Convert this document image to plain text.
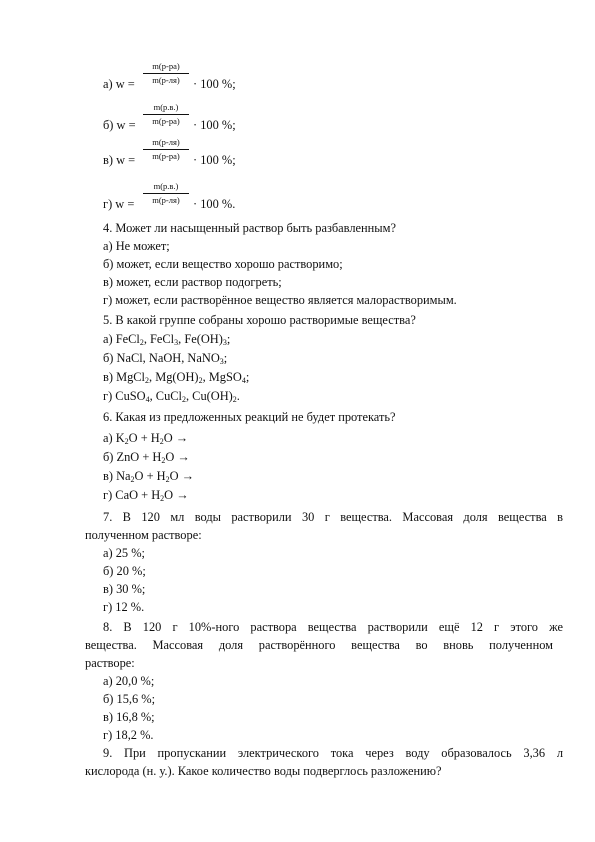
а) w =
m(р-ра)
m(р-ля)	· 100 %;
б) w =
m(р.в.)
m(р-ра)	· 100 %;
в) w =
m(р-ля)
m(р-ра)	· 100 %;
г) w =
m(р.в.)
m(р-ля)	· 100 %.
4. Может ли насыщенный раствор быть разбавленным?
а) Не может;
б) может, если вещество хорошо растворимо;
в) может, если раствор подогреть;
г) может, если растворённое вещество является малорастворимым.
5. В какой группе собраны хорошо растворимые вещества?
а) FeCl$_2$, FeCl$_3$, $Fe(OH)_3$;
б) NaCl, NaOH, NaNO$_3$;
в) MgCl$_2$, $Mg(OH)_2$, MgSO$_4$;
г) CuSO$_4$, CuCl$_2$, $Cu(OH)_2$.
6. Какая из предложенных реакций не будет протекать?
а) $K_2O + H_2O$ →
б) ZnO + $H_2O$ →
в) $Na_2O + H_2O$ →
г) CaO + $H_2O$ →
7. В 120 мл воды растворили 30 г вещества. Массовая доля вещества в
полученном растворе:
а) 25 %;
б) 20 %;
в) 30 %;
г) 12 %.
8. В 120 г 10%-ного раствора вещества растворили ещё 12 г этого же
вещества. Массовая доля растворённого вещества во вновь полученном
растворе:
а) 20,0 %;
б) 15,6 %;
в) 16,8 %;
г) 18,2 %.
9. При пропускании электрического тока через воду образовалось 3,36 л
кислорода (н. у.). Какое количество воды подверглось разложению?
